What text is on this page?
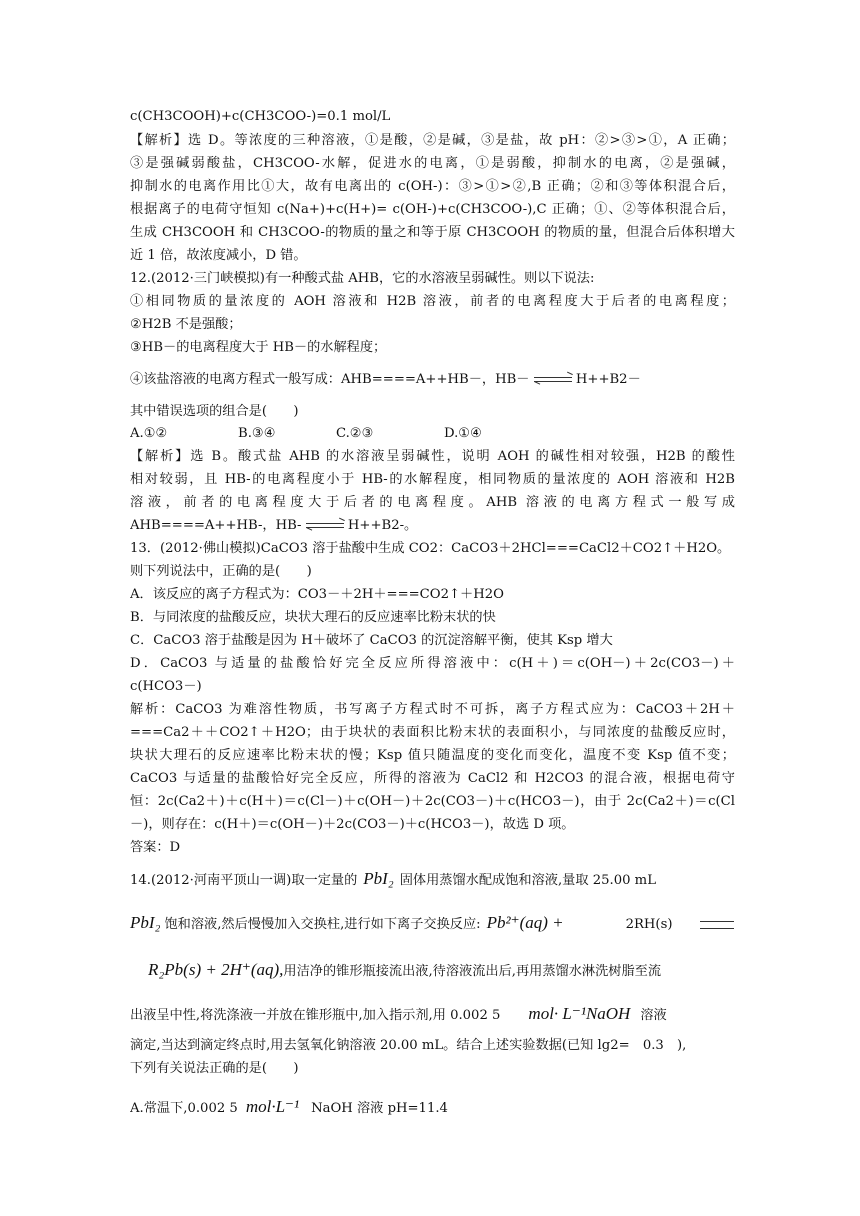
c(CH3COOH)+c(CH3COO-)=0.1 mol/L
【解析】选 D。等浓度的三种溶液，①是酸，②是碱，③是盐，故 pH：②>③>①，A 正确；
③是强碱弱酸盐，CH3COO-水解，促进水的电离，①是弱酸，抑制水的电离，②是强碱，
抑制水的电离作用比①大，故有电离出的 c(OH-)：③>①>②,B 正确；②和③等体积混合后，
根据离子的电荷守恒知 c(Na+)+c(H+)= c(OH-)+c(CH3COO-),C 正确；①、②等体积混合后，
生成 CH3COOH 和 CH3COO-的物质的量之和等于原 CH3COOH 的物质的量，但混合后体积增大
近 1 倍，故浓度减小，D 错。
12.(2012·三门峡模拟)有一种酸式盐 AHB，它的水溶液呈弱碱性。则以下说法:
①相同物质的量浓度的 AOH 溶液和 H2B 溶液，前者的电离程度大于后者的电离程度；
②H2B 不是强酸；
③HB－的电离程度大于 HB－的水解程度；
④该盐溶液的电离方程式一般写成：AHB====A++HB－，HB－	H++B2－
其中错误选项的组合是(　　)
A.①②	B.③④	C.②③	D.①④
【解析】选 B。酸式盐 AHB 的水溶液呈弱碱性，说明 AOH 的碱性相对较强，H2B 的酸性
相对较弱，且 HB-的电离程度小于 HB-的水解程度，相同物质的量浓度的 AOH 溶液和 H2B
溶液，前者的电离程度大于后者的电离程度。AHB 溶液的电离方程式一般写成
AHB====A++HB-，HB-	H++B2-。
13．(2012·佛山模拟)CaCO3 溶于盐酸中生成 CO2：CaCO3＋2HCl===CaCl2＋CO2↑＋H2O。
则下列说法中，正确的是(　　)
A．该反应的离子方程式为：CO3－＋2H＋===CO2↑＋H2O
B．与同浓度的盐酸反应，块状大理石的反应速率比粉末状的快
C．CaCO3 溶于盐酸是因为 H＋破坏了 CaCO3 的沉淀溶解平衡，使其 Ksp 增大
D．CaCO3 与适量的盐酸恰好完全反应所得溶液中：c(H＋)＝c(OH－)＋2c(CO3－)＋
c(HCO3－)
解析：CaCO3 为难溶性物质，书写离子方程式时不可拆，离子方程式应为：CaCO3＋2H＋
===Ca2＋＋CO2↑＋H2O；由于块状的表面积比粉末状的表面积小，与同浓度的盐酸反应时，
块状大理石的反应速率比粉末状的慢；Ksp 值只随温度的变化而变化，温度不变 Ksp 值不变；
CaCO3 与适量的盐酸恰好完全反应，所得的溶液为 CaCl2 和 H2CO3 的混合液，根据电荷守
恒：2c(Ca2＋)＋c(H＋)＝c(Cl－)＋c(OH－)＋2c(CO3－)＋c(HCO3－)，由于 2c(Ca2＋)＝c(Cl
－)，则存在：c(H＋)＝c(OH－)＋2c(CO3－)＋c(HCO3－)，故选 D 项。
答案：D
14.(2012·河南平顶山一调)取一定量的 PbI₂ 固体用蒸馏水配成饱和溶液,量取 25.00 mL
PbI₂ 饱和溶液,然后慢慢加入交换柱,进行如下离子交换反应: Pb²⁺(aq) +	2RH(s)
R₂Pb(s) + 2H⁺(aq),用洁净的锥形瓶接流出液,待溶液流出后,再用蒸馏水淋洗树脂至流
出液呈中性,将洗涤液一并放在锥形瓶中,加入指示剂,用 0.002 5 mol· L⁻¹NaOH 溶液
滴定,当达到滴定终点时,用去氢氧化钠溶液 20.00 mL。结合上述实验数据(已知 lg2=　0.3　),
下列有关说法正确的是(　　)
A.常温下,0.002 5 mol·L⁻¹ NaOH 溶液 pH=11.4
